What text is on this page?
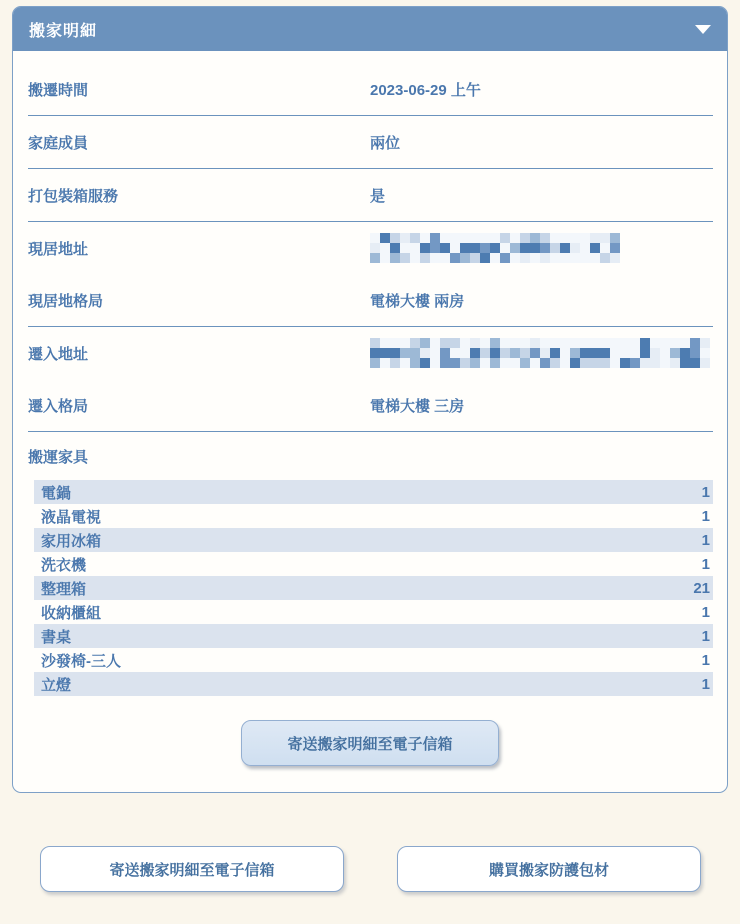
搬家明細
搬遷時間	2023-06-29 上午
家庭成員	兩位
打包裝箱服務	是
現居地址
現居地格局	電梯大樓 兩房
遷入地址
遷入格局	電梯大樓 三房
搬運家具
電鍋	1
液晶電視	1
家用冰箱	1
洗衣機	1
整理箱	21
收納櫃組	1
書桌	1
沙發椅-三人	1
立燈	1
寄送搬家明細至電子信箱
寄送搬家明細至電子信箱	購買搬家防護包材
